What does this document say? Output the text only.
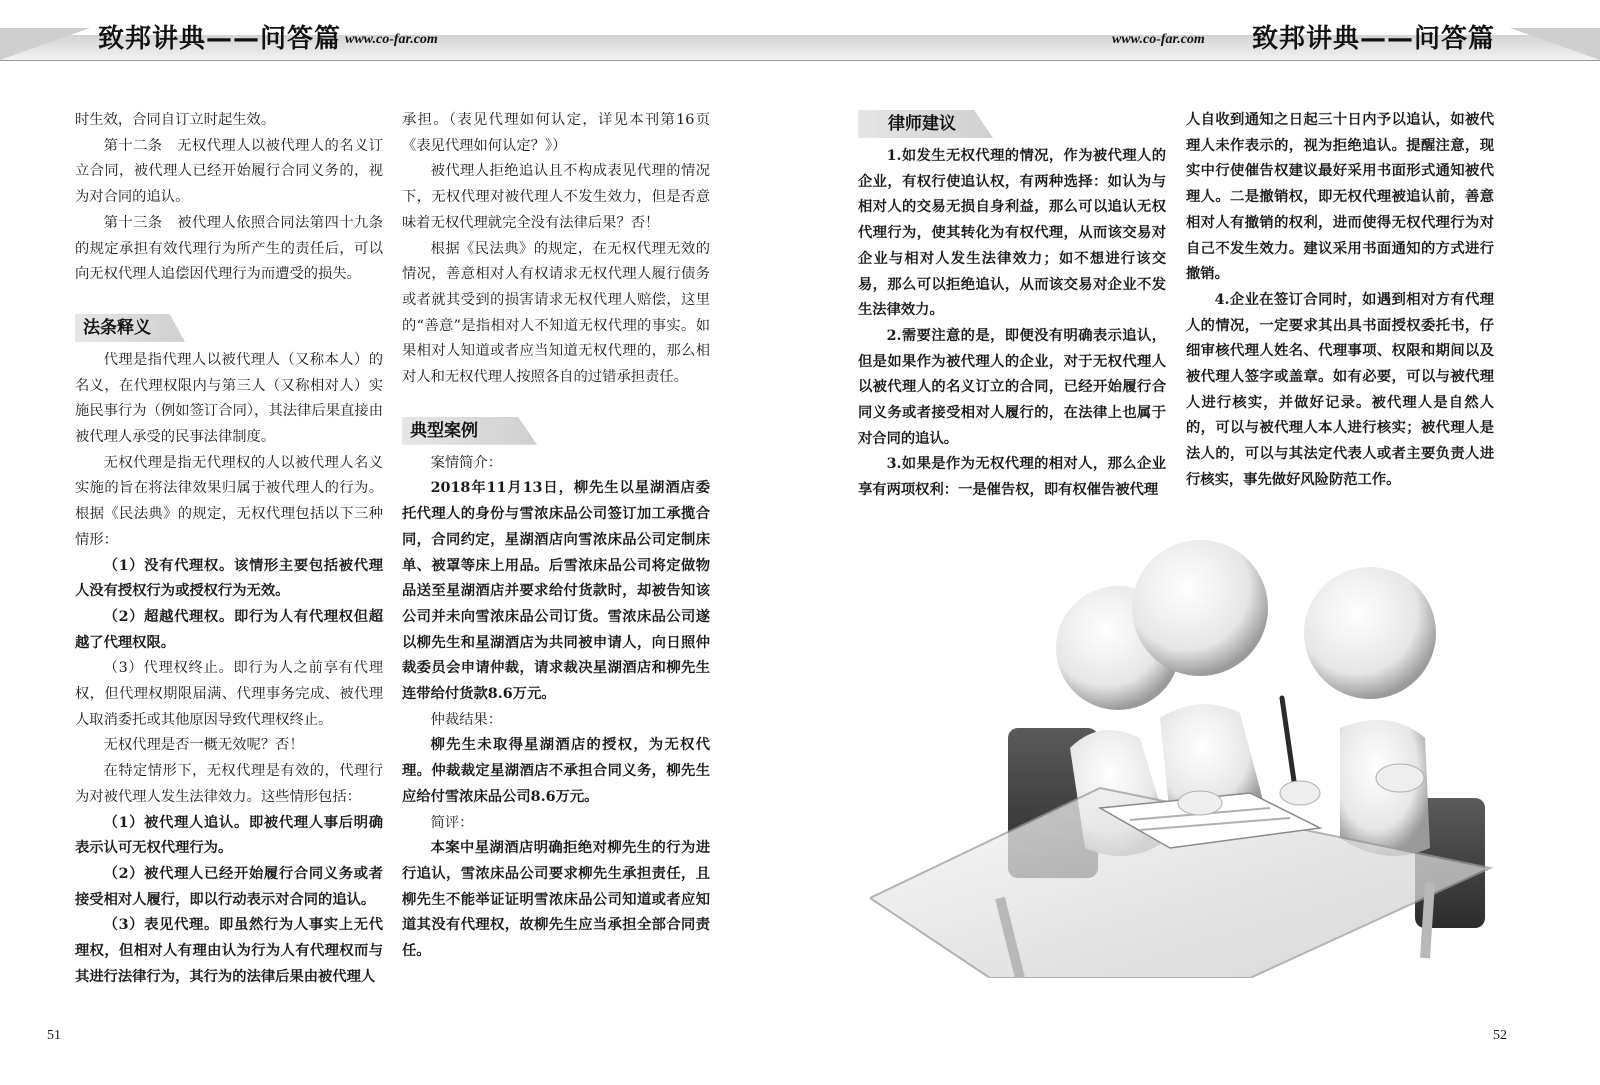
致邦讲典——问答篇 www.co-far.com	www.co-far.com 致邦讲典——问答篇

时生效，合同自订立时起生效。

第十二条　无权代理人以被代理人的名义订立合同，被代理人已经开始履行合同义务的，视为对合同的追认。

第十三条　被代理人依照合同法第四十九条的规定承担有效代理行为所产生的责任后，可以向无权代理人追偿因代理行为而遭受的损失。

法条释义

代理是指代理人以被代理人（又称本人）的名义，在代理权限内与第三人（又称相对人）实施民事行为（例如签订合同），其法律后果直接由被代理人承受的民事法律制度。

无权代理是指无代理权的人以被代理人名义实施的旨在将法律效果归属于被代理人的行为。根据《民法典》的规定，无权代理包括以下三种情形：

（1）没有代理权。该情形主要包括被代理人没有授权行为或授权行为无效。

（2）超越代理权。即行为人有代理权但超越了代理权限。

（3）代理权终止。即行为人之前享有代理权，但代理权期限届满、代理事务完成、被代理人取消委托或其他原因导致代理权终止。

无权代理是否一概无效呢？否！

在特定情形下，无权代理是有效的，代理行为对被代理人发生法律效力。这些情形包括：

（1）被代理人追认。即被代理人事后明确表示认可无权代理行为。

（2）被代理人已经开始履行合同义务或者接受相对人履行，即以行动表示对合同的追认。

（3）表见代理。即虽然行为人事实上无代理权，但相对人有理由认为行为人有代理权而与其进行法律行为，其行为的法律后果由被代理人

承担。（表见代理如何认定，详见本刊第16页《表见代理如何认定？》）

被代理人拒绝追认且不构成表见代理的情况下，无权代理对被代理人不发生效力，但是否意味着无权代理就完全没有法律后果？否！

根据《民法典》的规定，在无权代理无效的情况，善意相对人有权请求无权代理人履行债务或者就其受到的损害请求无权代理人赔偿，这里的“善意”是指相对人不知道无权代理的事实。如果相对人知道或者应当知道无权代理的，那么相对人和无权代理人按照各自的过错承担责任。

典型案例

案情简介：

2018年11月13日，柳先生以星湖酒店委托代理人的身份与雪浓床品公司签订加工承揽合同，合同约定，星湖酒店向雪浓床品公司定制床单、被罩等床上用品。后雪浓床品公司将定做物品送至星湖酒店并要求给付货款时，却被告知该公司并未向雪浓床品公司订货。雪浓床品公司遂以柳先生和星湖酒店为共同被申请人，向日照仲裁委员会申请仲裁，请求裁决星湖酒店和柳先生连带给付货款8.6万元。

仲裁结果：

柳先生未取得星湖酒店的授权，为无权代理。仲裁裁定星湖酒店不承担合同义务，柳先生应给付雪浓床品公司8.6万元。

简评：

本案中星湖酒店明确拒绝对柳先生的行为进行追认，雪浓床品公司要求柳先生承担责任，且柳先生不能举证证明雪浓床品公司知道或者应知道其没有代理权，故柳先生应当承担全部合同责任。

律师建议

1.如发生无权代理的情况，作为被代理人的企业，有权行使追认权，有两种选择：如认为与相对人的交易无损自身利益，那么可以追认无权代理行为，使其转化为有权代理，从而该交易对企业与相对人发生法律效力；如不想进行该交易，那么可以拒绝追认，从而该交易对企业不发生法律效力。

2.需要注意的是，即便没有明确表示追认，但是如果作为被代理人的企业，对于无权代理人以被代理人的名义订立的合同，已经开始履行合同义务或者接受相对人履行的，在法律上也属于对合同的追认。

3.如果是作为无权代理的相对人，那么企业享有两项权利：一是催告权，即有权催告被代理

人自收到通知之日起三十日内予以追认，如被代理人未作表示的，视为拒绝追认。提醒注意，现实中行使催告权建议最好采用书面形式通知被代理人。二是撤销权，即无权代理被追认前，善意相对人有撤销的权利，进而使得无权代理行为对自己不发生效力。建议采用书面通知的方式进行撤销。

4.企业在签订合同时，如遇到相对方有代理人的情况，一定要求其出具书面授权委托书，仔细审核代理人姓名、代理事项、权限和期间以及被代理人签字或盖章。如有必要，可以与被代理人进行核实，并做好记录。被代理人是自然人的，可以与被代理人本人进行核实；被代理人是法人的，可以与其法定代表人或者主要负责人进行核实，事先做好风险防范工作。

51	52
